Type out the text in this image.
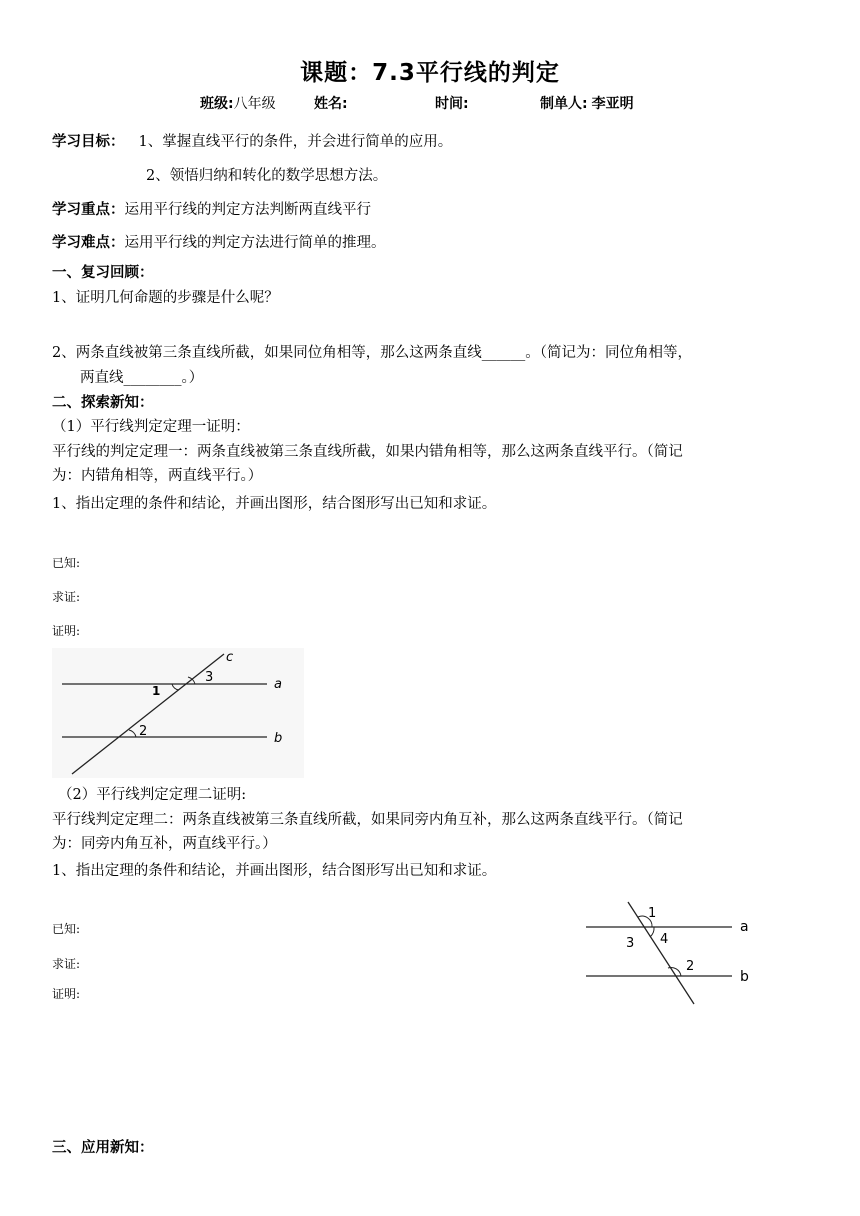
课题：7.3平行线的判定
班级:八年级	姓名:	时间:	制单人: 李亚明
学习目标： 1、掌握直线平行的条件，并会进行简单的应用。
2、领悟归纳和转化的数学思想方法。
学习重点：运用平行线的判定方法判断两直线平行
学习难点：运用平行线的判定方法进行简单的推理。
一、复习回顾：
1、证明几何命题的步骤是什么呢？
2、两条直线被第三条直线所截，如果同位角相等，那么这两条直线______。（简记为：同位角相等，
两直线________。）
二、探索新知：
（1）平行线判定定理一证明：
平行线的判定定理一：两条直线被第三条直线所截，如果内错角相等，那么这两条直线平行。（简记
为：内错角相等，两直线平行。）
1、指出定理的条件和结论，并画出图形，结合图形写出已知和求证。
已知:
求证:
证明:
c
a
b
3
1
2
（2）平行线判定定理二证明:
平行线判定定理二：两条直线被第三条直线所截，如果同旁内角互补，那么这两条直线平行。（简记
为：同旁内角互补，两直线平行。）
1、指出定理的条件和结论，并画出图形，结合图形写出已知和求证。
已知:
求证:
证明:
1
3 4
2
a
b
三、应用新知：
